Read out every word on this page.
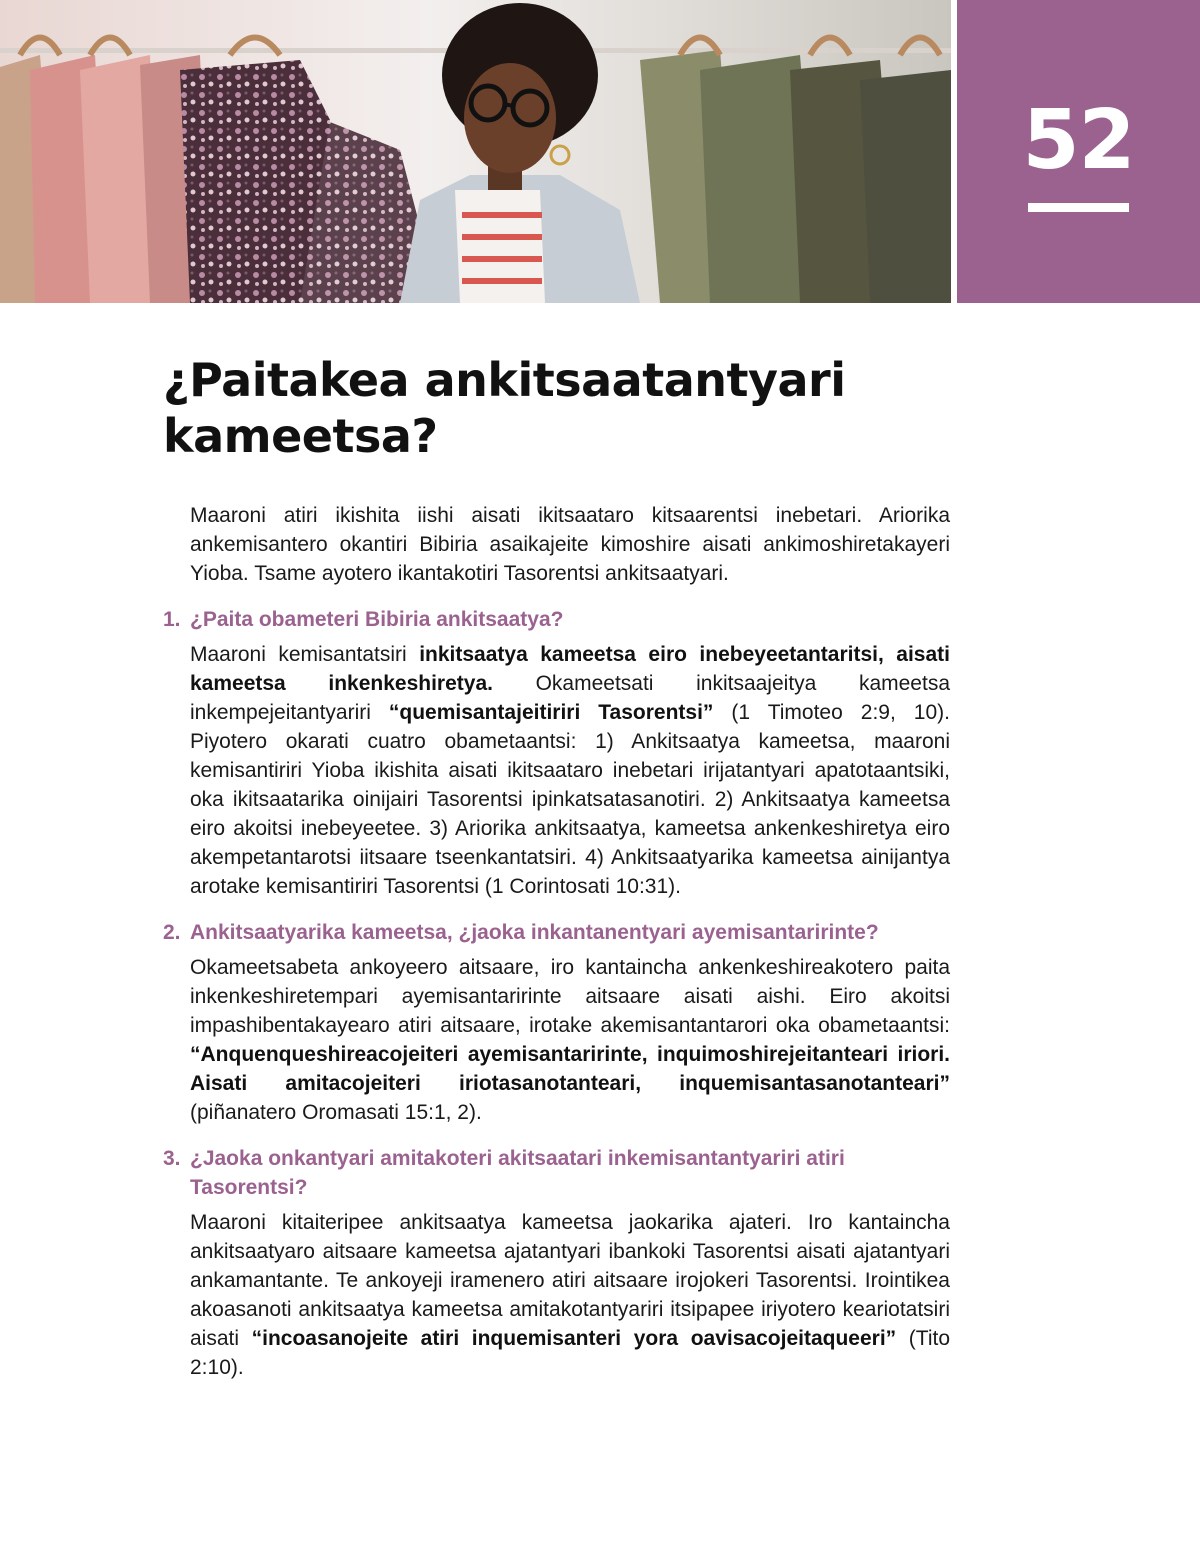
52
¿Paitakea ankitsaatantyari kameetsa?

Maaroni atiri ikishita iishi aisati ikitsaataro kitsaarentsi inebetari. Ariorika ankemisantero okantiri Bibiria asaikajeite kimoshire aisati ankimoshiretakayeri Yioba. Tsame ayotero ikantakotiri Tasorentsi ankitsaatyari.

1. ¿Paita obameteri Bibiria ankitsaatya?

Maaroni kemisantatsiri inkitsaatya kameetsa eiro inebeyeetantaritsi, aisati kameetsa inkenkeshiretya. Okameetsati inkitsaajeitya kameetsa inkempejeitantyariri “quemisantajeitiriri Tasorentsi” (1 Timoteo 2:9, 10). Piyotero okarati cuatro obametaantsi: 1) Ankitsaatya kameetsa, maaroni kemisantiriri Yioba ikishita aisati ikitsaataro inebetari irijatantyari apatotaantsiki, oka ikitsaatarika oinijairi Tasorentsi ipinkatsatasanotiri. 2) Ankitsaatya kameetsa eiro akoitsi inebeyeetee. 3) Ariorika ankitsaatya, kameetsa ankenkeshiretya eiro akempetantarotsi iitsaare tseenkantatsiri. 4) Ankitsaatyarika kameetsa ainijantya arotake kemisantiriri Tasorentsi (1 Corintosati 10:31).

2. Ankitsaatyarika kameetsa, ¿jaoka inkantanentyari ayemisantaririnte?

Okameetsabeta ankoyeero aitsaare, iro kantaincha ankenkeshireakotero paita inkenkeshiretempari ayemisantaririnte aitsaare aisati aishi. Eiro akoitsi impashibentakayearo atiri aitsaare, irotake akemisantantarori oka obametaantsi: “Anquenqueshireacojeiteri ayemisantaririnte, inquimoshirejeitanteari iriori. Aisati amitacojeiteri iriotasanotanteari, inquemisantasanotanteari” (piñanatero Oromasati 15:1, 2).

3. ¿Jaoka onkantyari amitakoteri akitsaatari inkemisantantyariri atiri Tasorentsi?

Maaroni kitaiteripee ankitsaatya kameetsa jaokarika ajateri. Iro kantaincha ankitsaatyaro aitsaare kameetsa ajatantyari ibankoki Tasorentsi aisati ajatantyari ankamantante. Te ankoyeji iramenero atiri aitsaare irojokeri Tasorentsi. Irointikea akoasanoti ankitsaatya kameetsa amitakotantyariri itsipapee iriyotero keariotatsiri aisati “incoasanojeite atiri inquemisanteri yora oavisacojeitaqueeri” (Tito 2:10).
